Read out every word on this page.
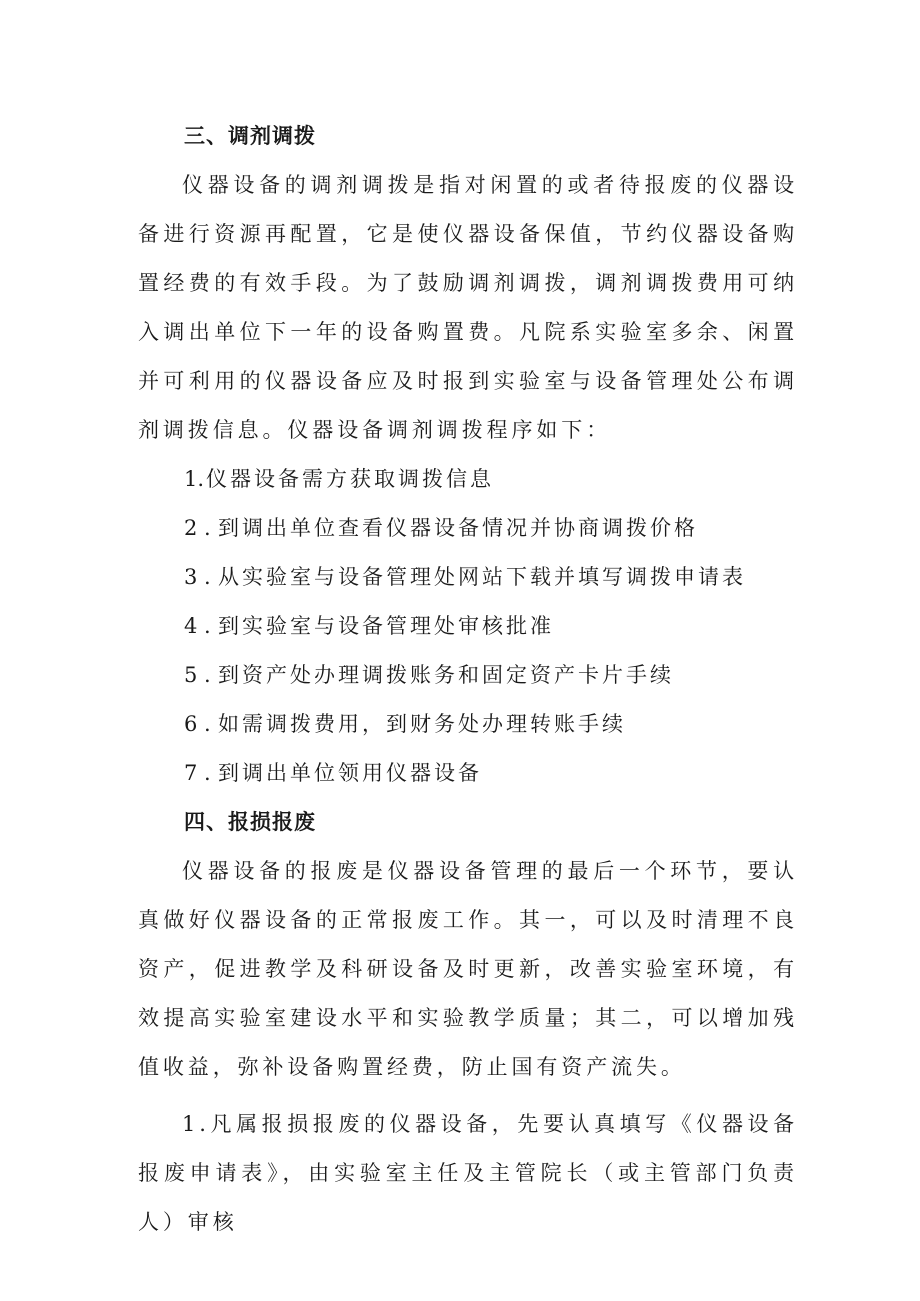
三、调剂调拨

仪器设备的调剂调拨是指对闲置的或者待报废的仪器设备进行资源再配置，它是使仪器设备保值，节约仪器设备购置经费的有效手段。为了鼓励调剂调拨，调剂调拨费用可纳入调出单位下一年的设备购置费。凡院系实验室多余、闲置并可利用的仪器设备应及时报到实验室与设备管理处公布调剂调拨信息。仪器设备调剂调拨程序如下：

1.仪器设备需方获取调拨信息
2 . 到调出单位查看仪器设备情况并协商调拨价格
3 . 从实验室与设备管理处网站下载并填写调拨申请表
4 . 到实验室与设备管理处审核批准
5 . 到资产处办理调拨账务和固定资产卡片手续
6 . 如需调拨费用，到财务处办理转账手续
7 . 到调出单位领用仪器设备
四、报损报废

仪器设备的报废是仪器设备管理的最后一个环节，要认真做好仪器设备的正常报废工作。其一，可以及时清理不良资产，促进教学及科研设备及时更新，改善实验室环境，有效提高实验室建设水平和实验教学质量；其二，可以增加残值收益，弥补设备购置经费，防止国有资产流失。

1.凡属报损报废的仪器设备，先要认真填写《仪器设备报废申请表》，由实验室主任及主管院长（或主管部门负责人）审核
